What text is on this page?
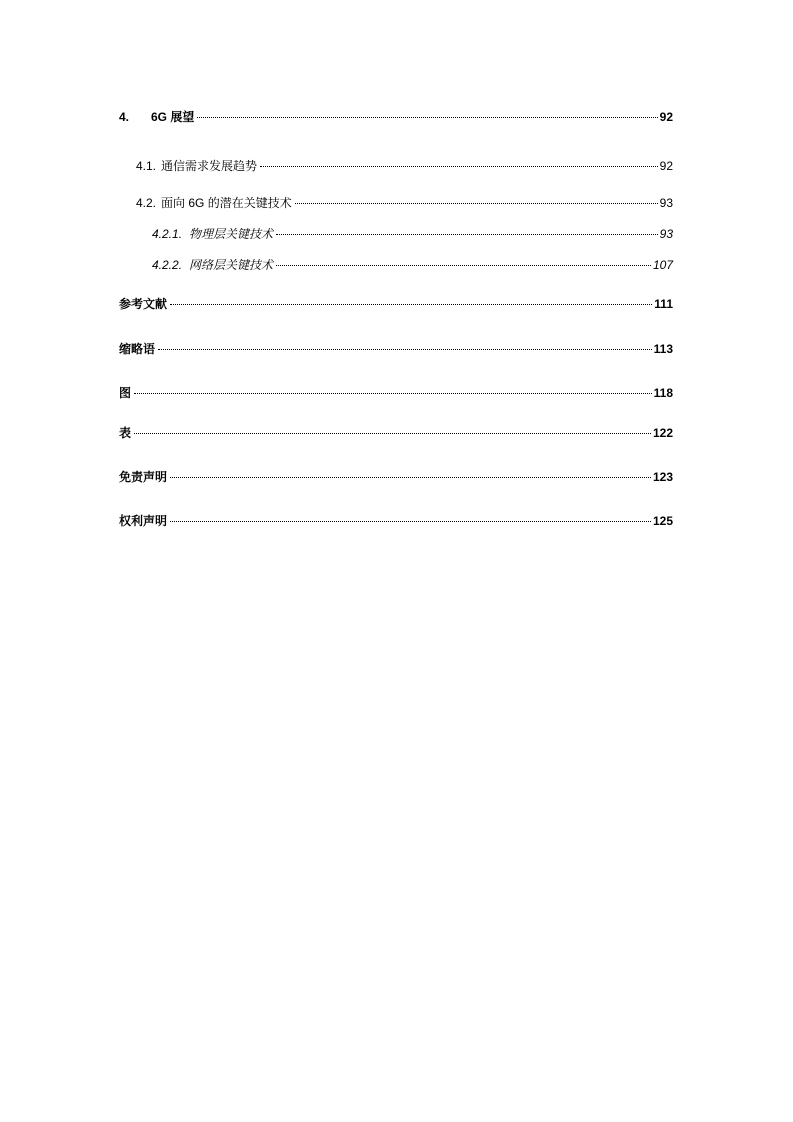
4.	6G 展望	92
4.1. 通信需求发展趋势	92
4.2. 面向 6G 的潜在关键技术	93
4.2.1. 物理层关键技术	93
4.2.2. 网络层关键技术	107
参考文献	111
缩略语	113
图	118
表	122
免责声明	123
权利声明	125
